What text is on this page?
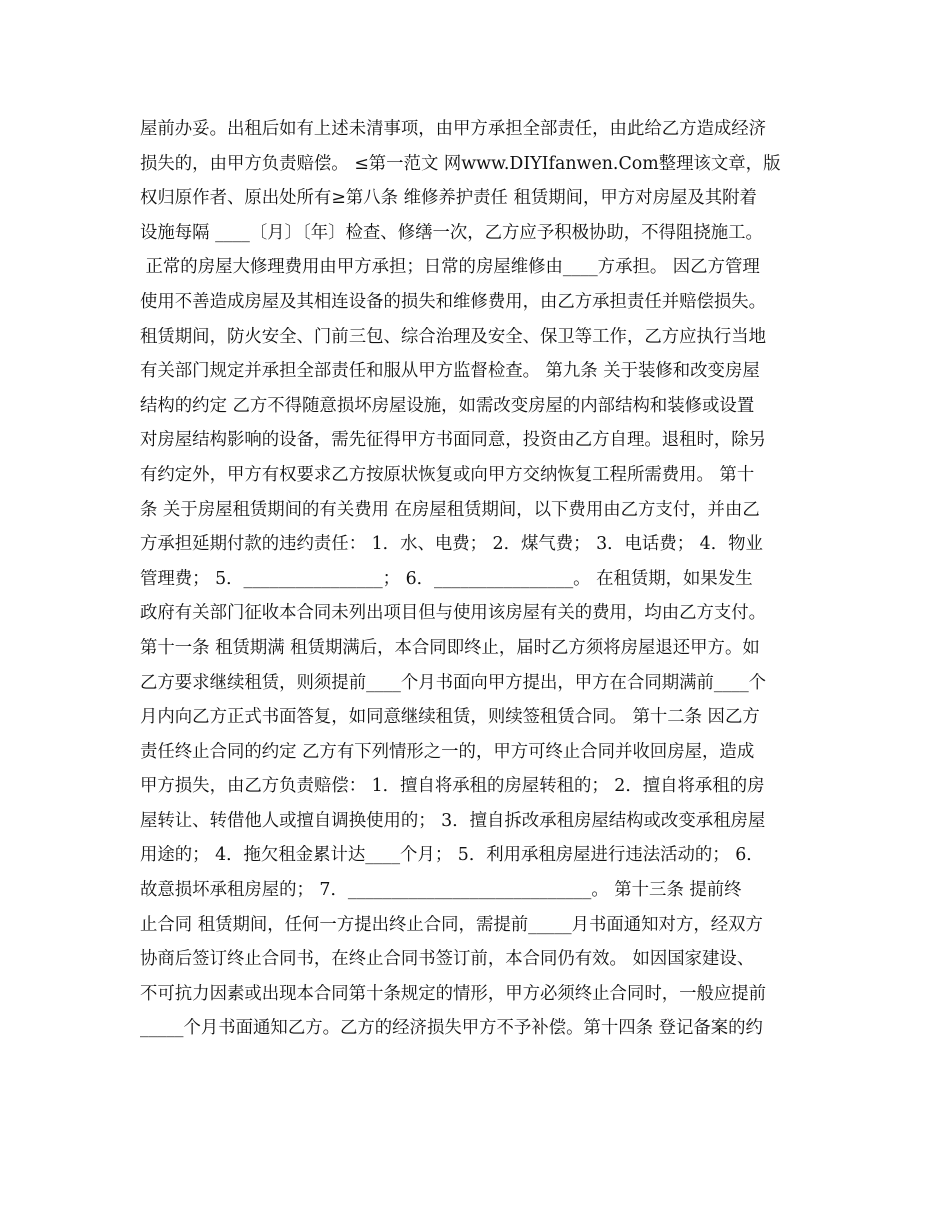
屋前办妥。出租后如有上述未清事项，由甲方承担全部责任，由此给乙方造成经济
损失的，由甲方负责赔偿。 ≤第一范文 网www.DIYIfanwen.Com整理该文章，版
权归原作者、原出处所有≥第八条 维修养护责任 租赁期间，甲方对房屋及其附着
设施每隔 ____〔月〕〔年〕检查、修缮一次，乙方应予积极协助，不得阻挠施工。
正常的房屋大修理费用由甲方承担；日常的房屋维修由____方承担。 因乙方管理
使用不善造成房屋及其相连设备的损失和维修费用，由乙方承担责任并赔偿损失。
租赁期间，防火安全、门前三包、综合治理及安全、保卫等工作，乙方应执行当地
有关部门规定并承担全部责任和服从甲方监督检查。 第九条 关于装修和改变房屋
结构的约定 乙方不得随意损坏房屋设施，如需改变房屋的内部结构和装修或设置
对房屋结构影响的设备，需先征得甲方书面同意，投资由乙方自理。退租时，除另
有约定外，甲方有权要求乙方按原状恢复或向甲方交纳恢复工程所需费用。 第十
条 关于房屋租赁期间的有关费用 在房屋租赁期间，以下费用由乙方支付，并由乙
方承担延期付款的违约责任： 1．水、电费； 2．煤气费； 3．电话费； 4．物业
管理费； 5．________________； 6．________________。 在租赁期，如果发生
政府有关部门征收本合同未列出项目但与使用该房屋有关的费用，均由乙方支付。
第十一条 租赁期满 租赁期满后，本合同即终止，届时乙方须将房屋退还甲方。如
乙方要求继续租赁，则须提前____个月书面向甲方提出，甲方在合同期满前____个
月内向乙方正式书面答复，如同意继续租赁，则续签租赁合同。 第十二条 因乙方
责任终止合同的约定 乙方有下列情形之一的，甲方可终止合同并收回房屋，造成
甲方损失，由乙方负责赔偿： 1．擅自将承租的房屋转租的； 2．擅自将承租的房
屋转让、转借他人或擅自调换使用的； 3．擅自拆改承租房屋结构或改变承租房屋
用途的； 4．拖欠租金累计达____个月； 5．利用承租房屋进行违法活动的； 6．
故意损坏承租房屋的； 7．____________________________。 第十三条 提前终
止合同 租赁期间，任何一方提出终止合同，需提前_____月书面通知对方，经双方
协商后签订终止合同书，在终止合同书签订前，本合同仍有效。 如因国家建设、
不可抗力因素或出现本合同第十条规定的情形，甲方必须终止合同时，一般应提前
_____个月书面通知乙方。乙方的经济损失甲方不予补偿。第十四条 登记备案的约
